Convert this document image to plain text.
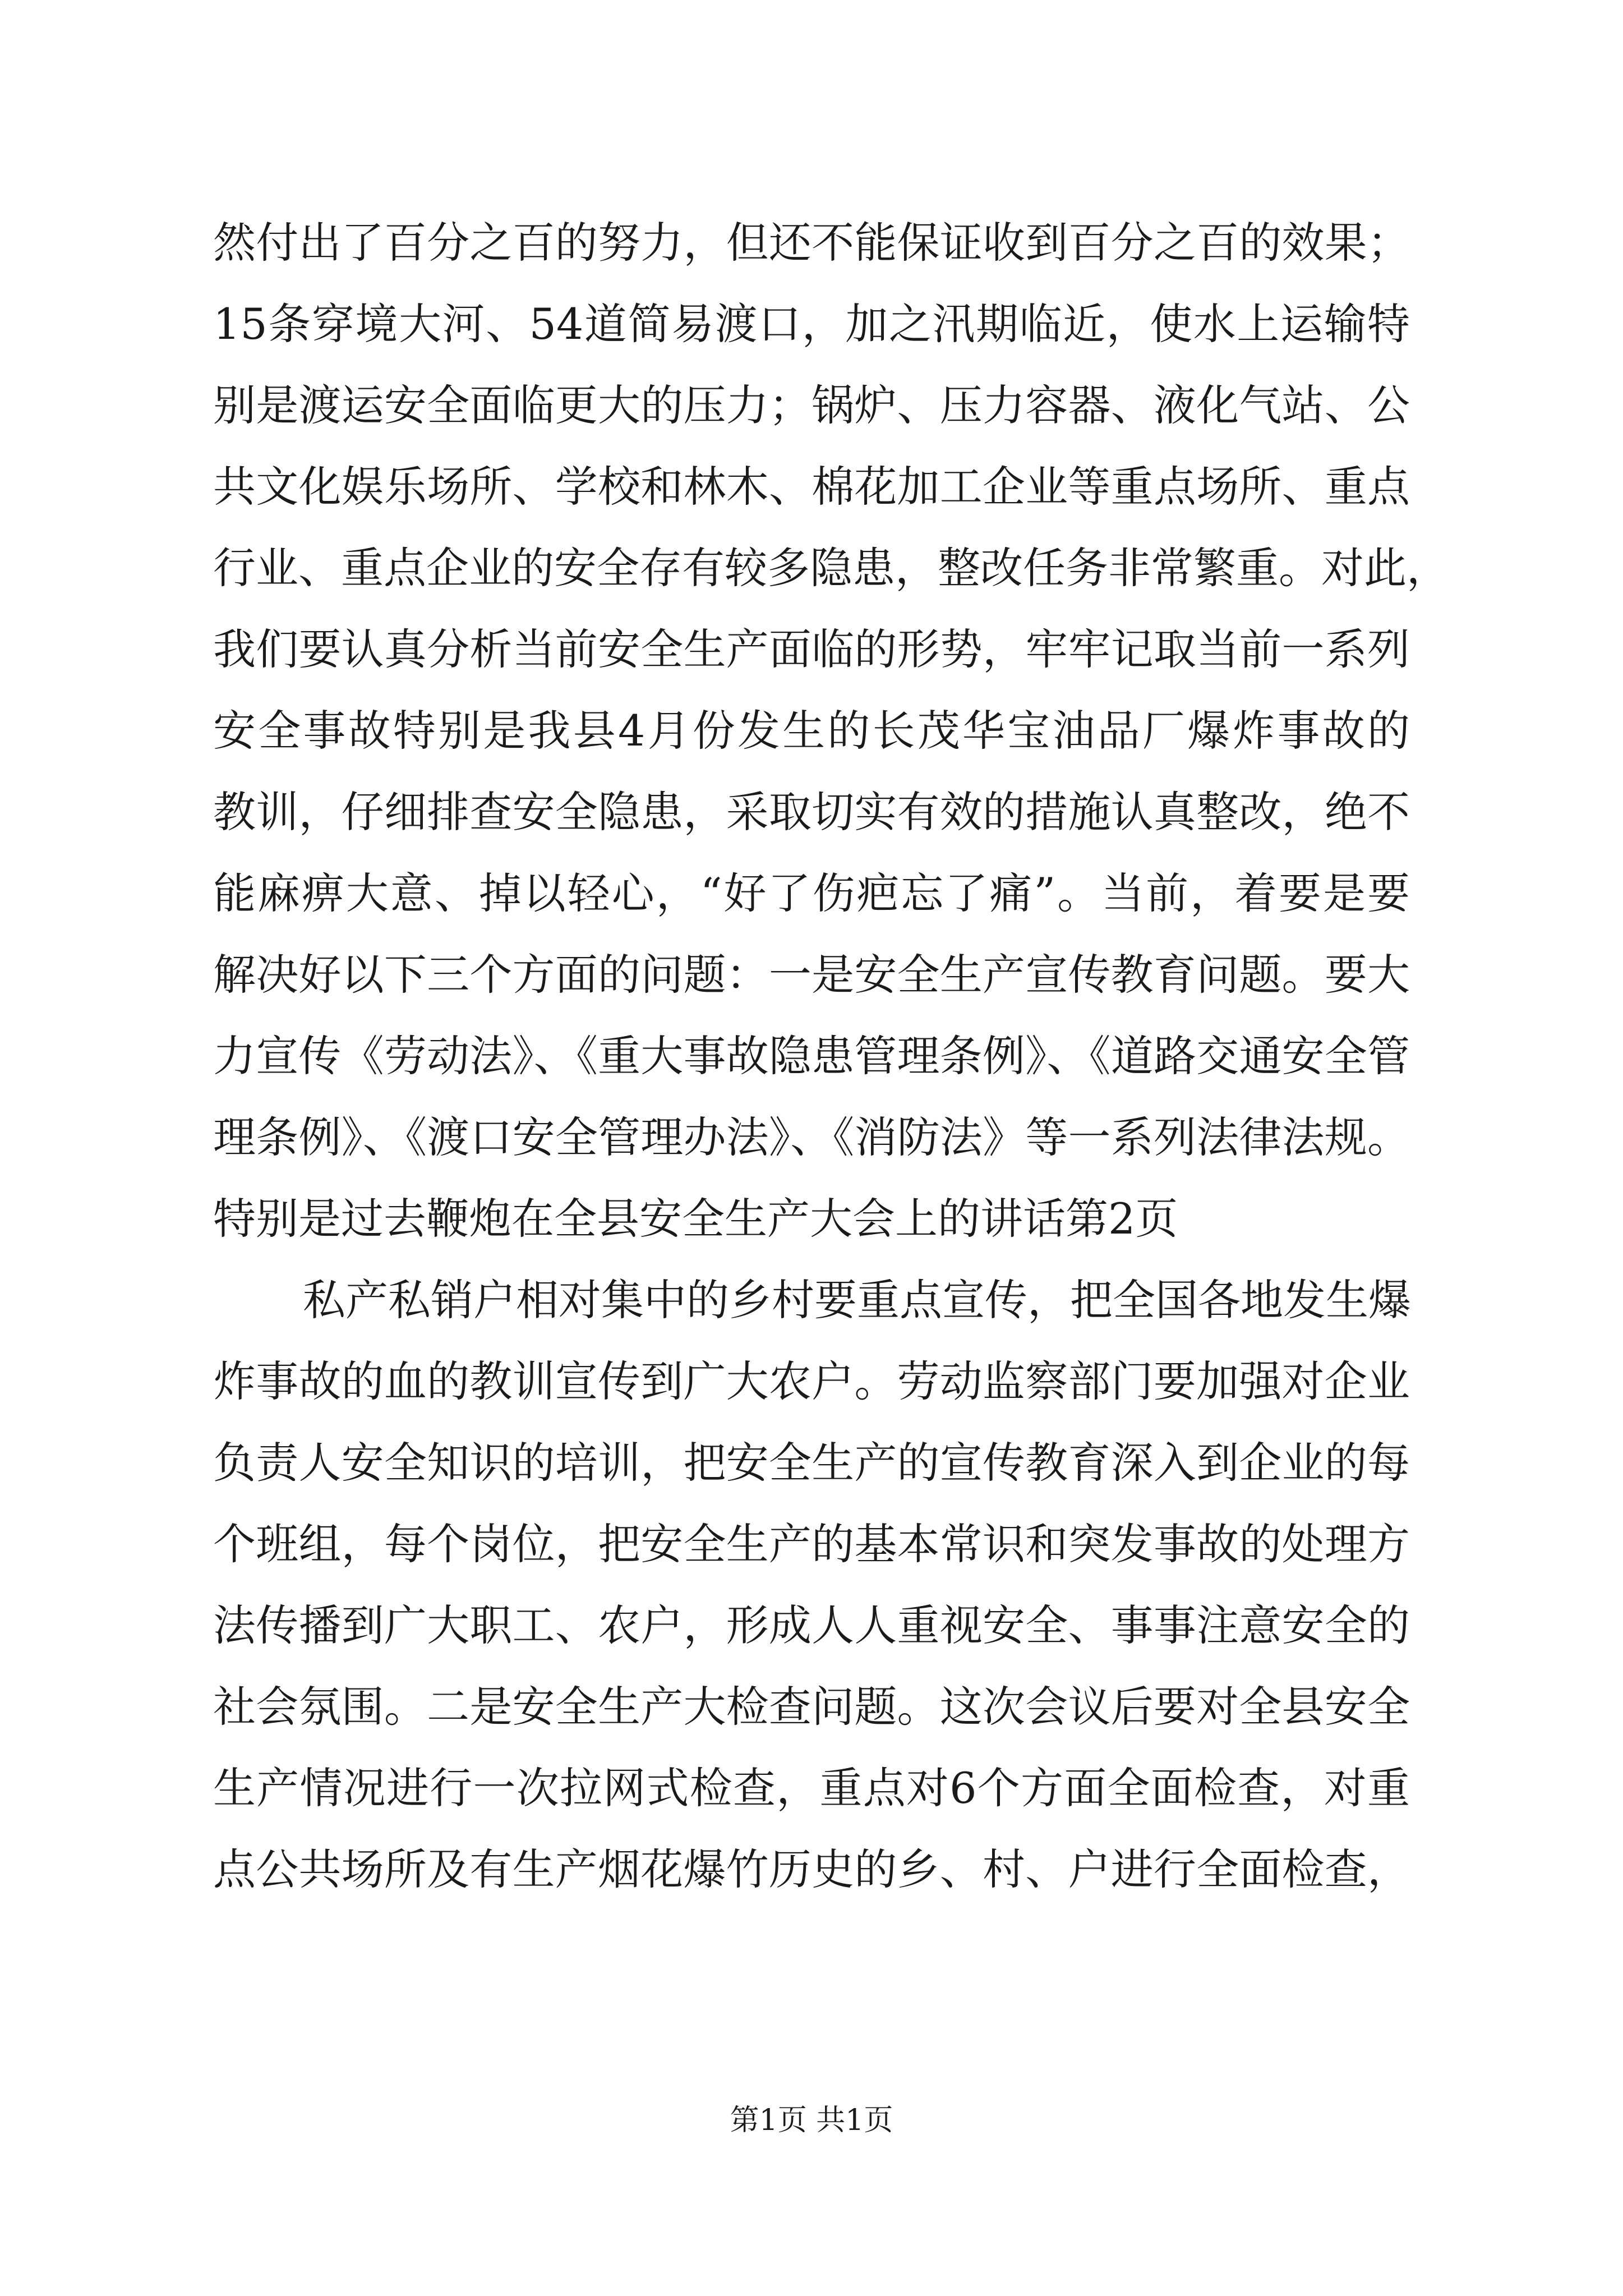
然付出了百分之百的努力，但还不能保证收到百分之百的效果；
15条穿境大河、54道简易渡口，加之汛期临近，使水上运输特
别是渡运安全面临更大的压力；锅炉、压力容器、液化气站、公
共文化娱乐场所、学校和林木、棉花加工企业等重点场所、重点
行业、重点企业的安全存有较多隐患，整改任务非常繁重。对此，
我们要认真分析当前安全生产面临的形势，牢牢记取当前一系列
安全事故特别是我县4月份发生的长茂华宝油品厂爆炸事故的
教训，仔细排查安全隐患，采取切实有效的措施认真整改，绝不
能麻痹大意、掉以轻心，“好了伤疤忘了痛”。当前，着要是要
解决好以下三个方面的问题：一是安全生产宣传教育问题。要大
力宣传《劳动法》、《重大事故隐患管理条例》、《道路交通安全管
理条例》、《渡口安全管理办法》、《消防法》等一系列法律法规。
特别是过去鞭炮在全县安全生产大会上的讲话第2页
私产私销户相对集中的乡村要重点宣传，把全国各地发生爆
炸事故的血的教训宣传到广大农户。劳动监察部门要加强对企业
负责人安全知识的培训，把安全生产的宣传教育深入到企业的每
个班组，每个岗位，把安全生产的基本常识和突发事故的处理方
法传播到广大职工、农户，形成人人重视安全、事事注意安全的
社会氛围。二是安全生产大检查问题。这次会议后要对全县安全
生产情况进行一次拉网式检查，重点对6个方面全面检查，对重
点公共场所及有生产烟花爆竹历史的乡、村、户进行全面检查，
第1页 共1页
